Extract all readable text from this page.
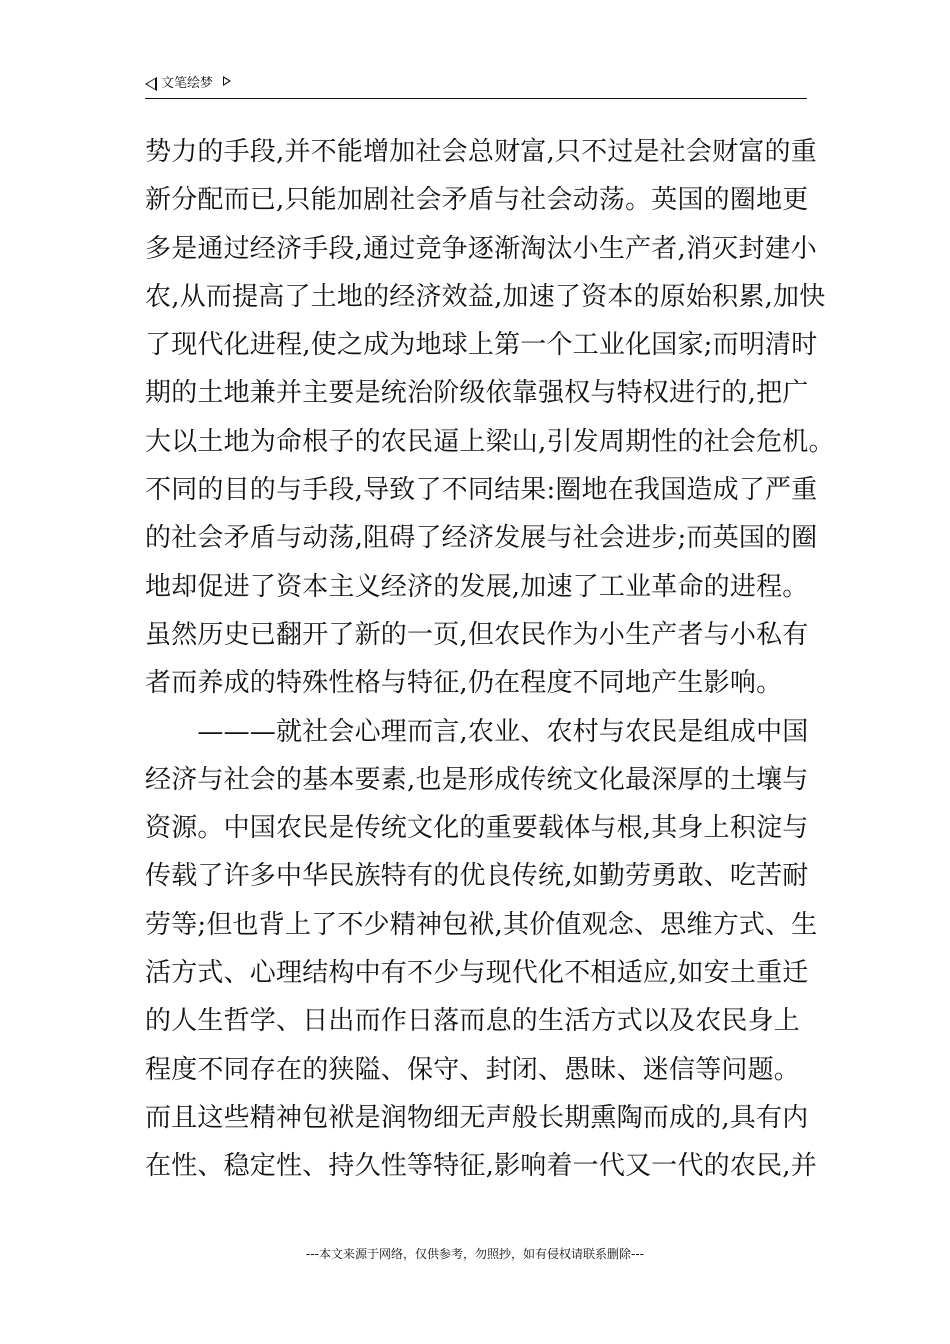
文笔绘梦
势力的手段,并不能增加社会总财富,只不过是社会财富的重
新分配而已,只能加剧社会矛盾与社会动荡。英国的圈地更
多是通过经济手段,通过竞争逐渐淘汰小生产者,消灭封建小
农,从而提高了土地的经济效益,加速了资本的原始积累,加快
了现代化进程,使之成为地球上第一个工业化国家;而明清时
期的土地兼并主要是统治阶级依靠强权与特权进行的,把广
大以土地为命根子的农民逼上梁山,引发周期性的社会危机。
不同的目的与手段,导致了不同结果:圈地在我国造成了严重
的社会矛盾与动荡,阻碍了经济发展与社会进步;而英国的圈
地却促进了资本主义经济的发展,加速了工业革命的进程。
虽然历史已翻开了新的一页,但农民作为小生产者与小私有
者而养成的特殊性格与特征,仍在程度不同地产生影响。
　　———就社会心理而言,农业、农村与农民是组成中国
经济与社会的基本要素,也是形成传统文化最深厚的土壤与
资源。中国农民是传统文化的重要载体与根,其身上积淀与
传载了许多中华民族特有的优良传统,如勤劳勇敢、吃苦耐
劳等;但也背上了不少精神包袱,其价值观念、思维方式、生
活方式、心理结构中有不少与现代化不相适应,如安土重迁
的人生哲学、日出而作日落而息的生活方式以及农民身上
程度不同存在的狭隘、保守、封闭、愚昧、迷信等问题。
而且这些精神包袱是润物细无声般长期熏陶而成的,具有内
在性、稳定性、持久性等特征,影响着一代又一代的农民,并
---本文来源于网络，仅供参考，勿照抄，如有侵权请联系删除---
